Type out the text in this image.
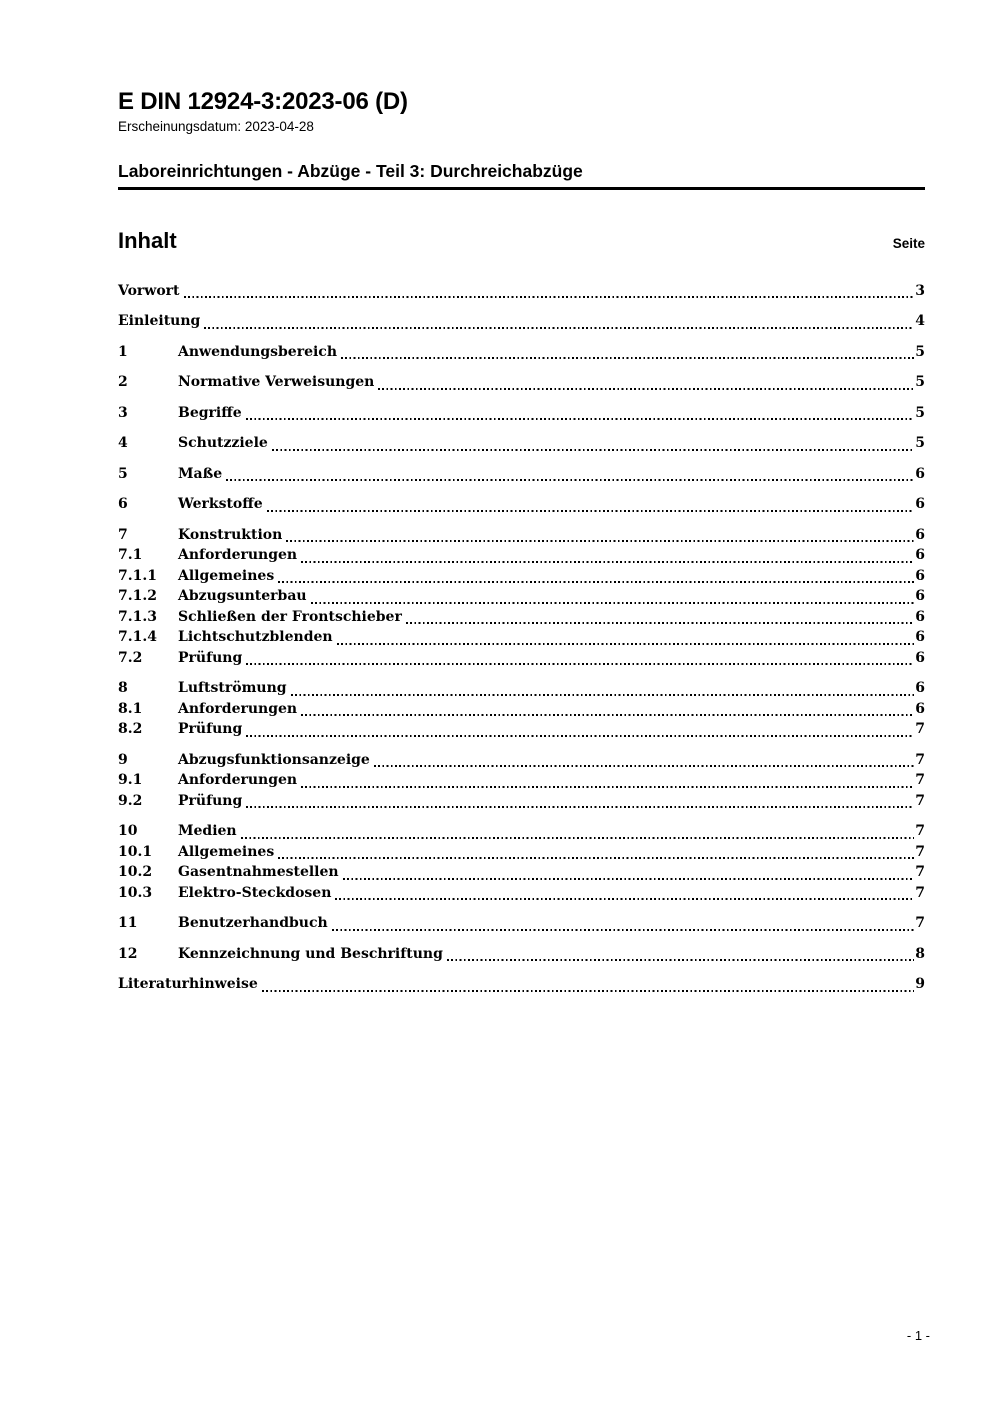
E DIN 12924-3:2023-06 (D)
Erscheinungsdatum: 2023-04-28
Laboreinrichtungen - Abzüge - Teil 3: Durchreichabzüge
Inhalt	Seite
Vorwort	3
Einleitung	4
1	Anwendungsbereich	5
2	Normative Verweisungen	5
3	Begriffe	5
4	Schutzziele	5
5	Maße	6
6	Werkstoffe	6
7	Konstruktion	6
7.1	Anforderungen	6
7.1.1	Allgemeines	6
7.1.2	Abzugsunterbau	6
7.1.3	Schließen der Frontschieber	6
7.1.4	Lichtschutzblenden	6
7.2	Prüfung	6
8	Luftströmung	6
8.1	Anforderungen	6
8.2	Prüfung	7
9	Abzugsfunktionsanzeige	7
9.1	Anforderungen	7
9.2	Prüfung	7
10	Medien	7
10.1	Allgemeines	7
10.2	Gasentnahmestellen	7
10.3	Elektro-Steckdosen	7
11	Benutzerhandbuch	7
12	Kennzeichnung und Beschriftung	8
Literaturhinweise	9
- 1 -
